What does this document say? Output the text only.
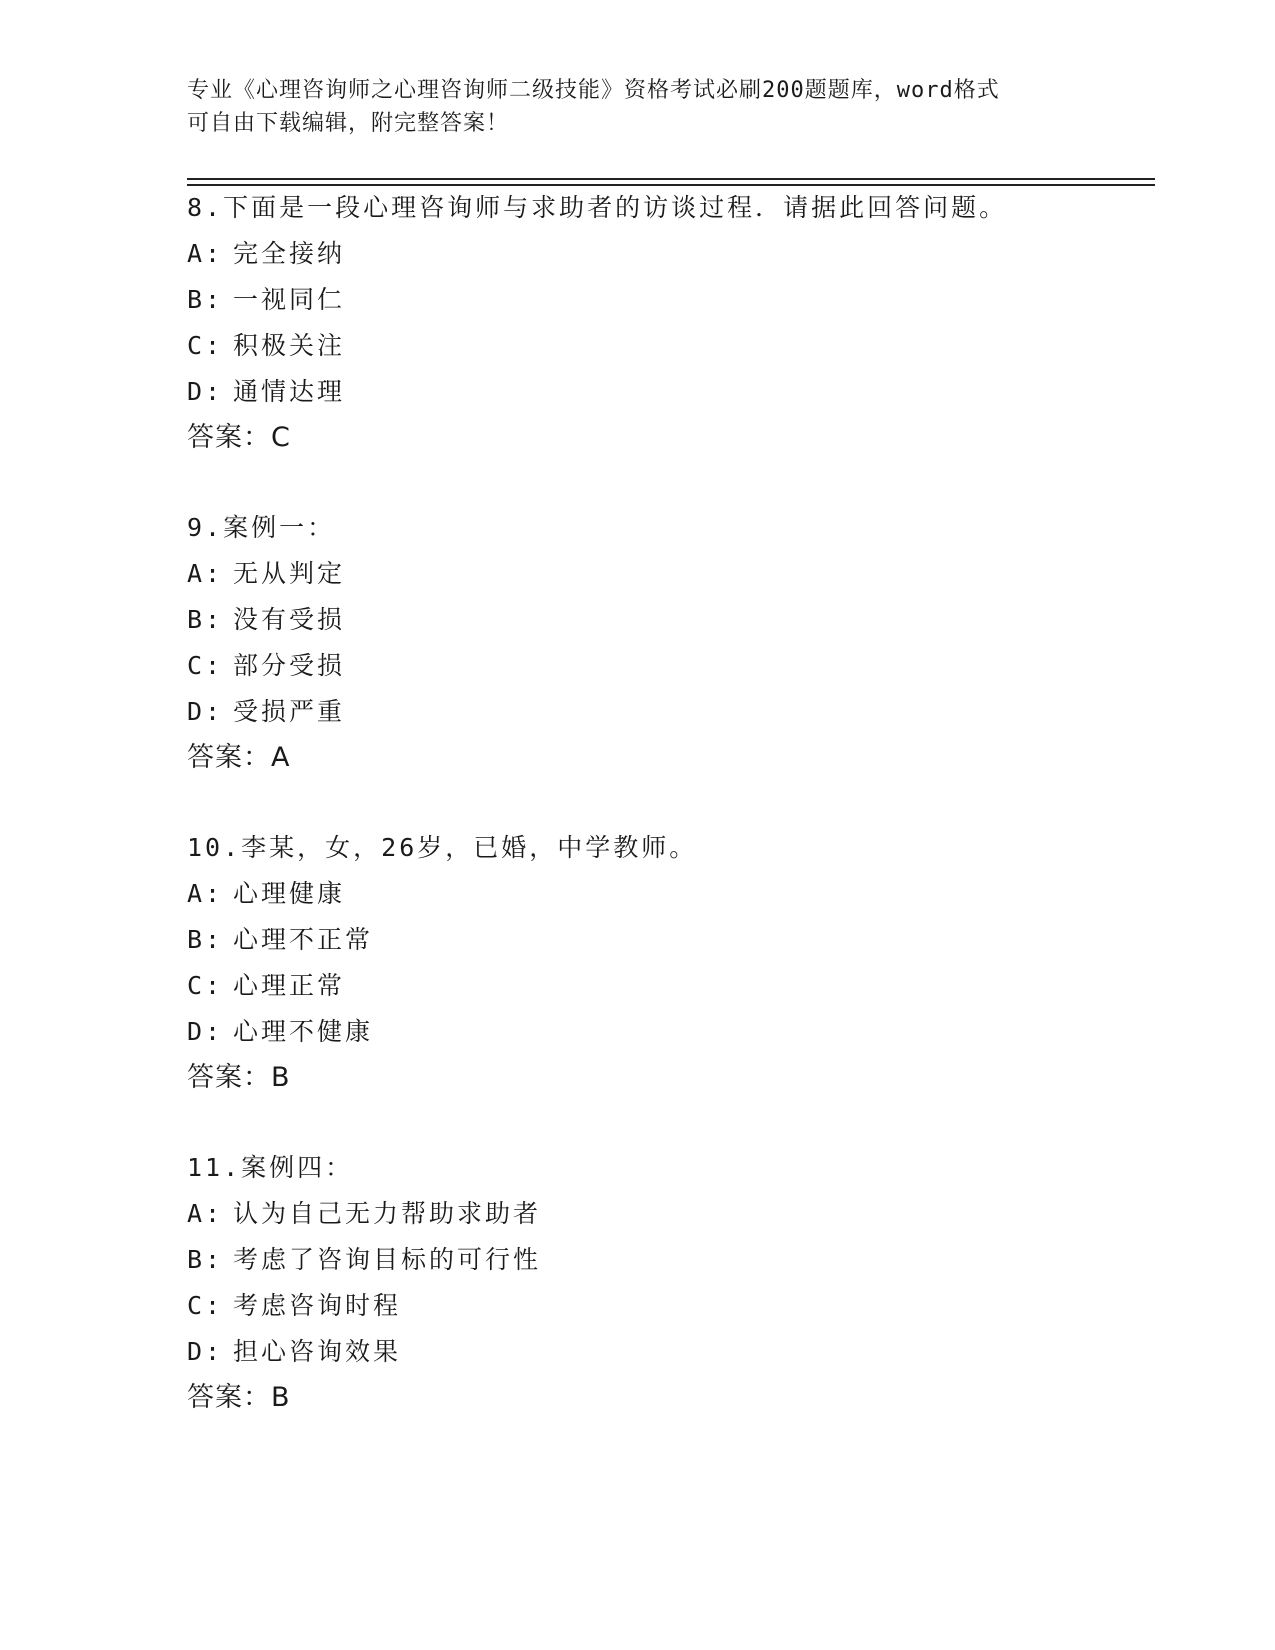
专业《心理咨询师之心理咨询师二级技能》资格考试必刷200题题库，word格式
可自由下载编辑，附完整答案！
8.下面是一段心理咨询师与求助者的访谈过程．请据此回答问题。
A: 完全接纳
B: 一视同仁
C: 积极关注
D: 通情达理
答案：C
9.案例一：
A: 无从判定
B: 没有受损
C: 部分受损
D: 受损严重
答案：A
10.李某，女，26岁，已婚，中学教师。
A: 心理健康
B: 心理不正常
C: 心理正常
D: 心理不健康
答案：B
11.案例四：
A: 认为自己无力帮助求助者
B: 考虑了咨询目标的可行性
C: 考虑咨询时程
D: 担心咨询效果
答案：B
